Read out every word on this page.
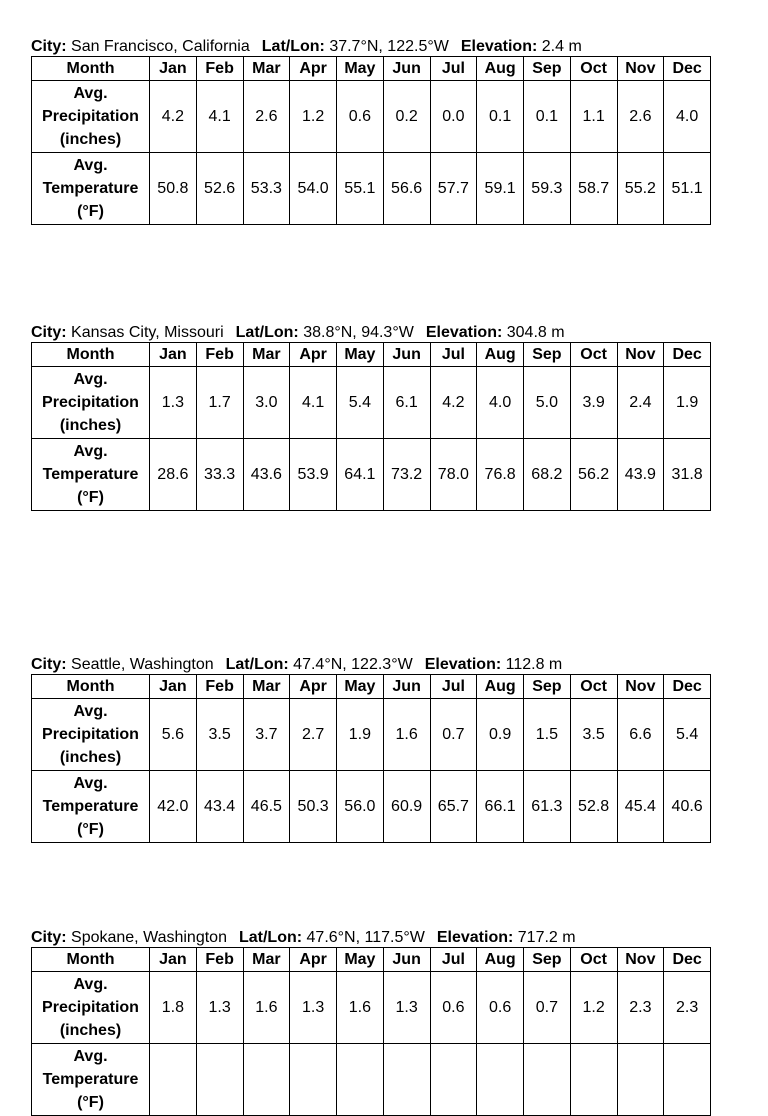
City: San Francisco, California Lat/Lon: 37.7°N, 122.5°W Elevation: 2.4 m
Month	Jan	Feb	Mar	Apr	May	Jun	Jul	Aug	Sep	Oct	Nov	Dec

Avg.
Precipitation
(inches)	4.2	4.1	2.6	1.2	0.6	0.2	0.0	0.1	0.1	1.1	2.6	4.0

Avg.
Temperature
(°F)	50.8	52.6	53.3	54.0	55.1	56.6	57.7	59.1	59.3	58.7	55.2	51.1
City: Kansas City, Missouri Lat/Lon: 38.8°N, 94.3°W Elevation: 304.8 m
Month	Jan	Feb	Mar	Apr	May	Jun	Jul	Aug	Sep	Oct	Nov	Dec

Avg.
Precipitation
(inches)	1.3	1.7	3.0	4.1	5.4	6.1	4.2	4.0	5.0	3.9	2.4	1.9

Avg.
Temperature
(°F)	28.6	33.3	43.6	53.9	64.1	73.2	78.0	76.8	68.2	56.2	43.9	31.8
City: Seattle, Washington Lat/Lon: 47.4°N, 122.3°W Elevation: 112.8 m
Month	Jan	Feb	Mar	Apr	May	Jun	Jul	Aug	Sep	Oct	Nov	Dec

Avg.
Precipitation
(inches)	5.6	3.5	3.7	2.7	1.9	1.6	0.7	0.9	1.5	3.5	6.6	5.4

Avg.
Temperature
(°F)	42.0	43.4	46.5	50.3	56.0	60.9	65.7	66.1	61.3	52.8	45.4	40.6
City: Spokane, Washington Lat/Lon: 47.6°N, 117.5°W Elevation: 717.2 m
Month	Jan	Feb	Mar	Apr	May	Jun	Jul	Aug	Sep	Oct	Nov	Dec

Avg.
Precipitation
(inches)	1.8	1.3	1.6	1.3	1.6	1.3	0.6	0.6	0.7	1.2	2.3	2.3

Avg.
Temperature
(°F)												
